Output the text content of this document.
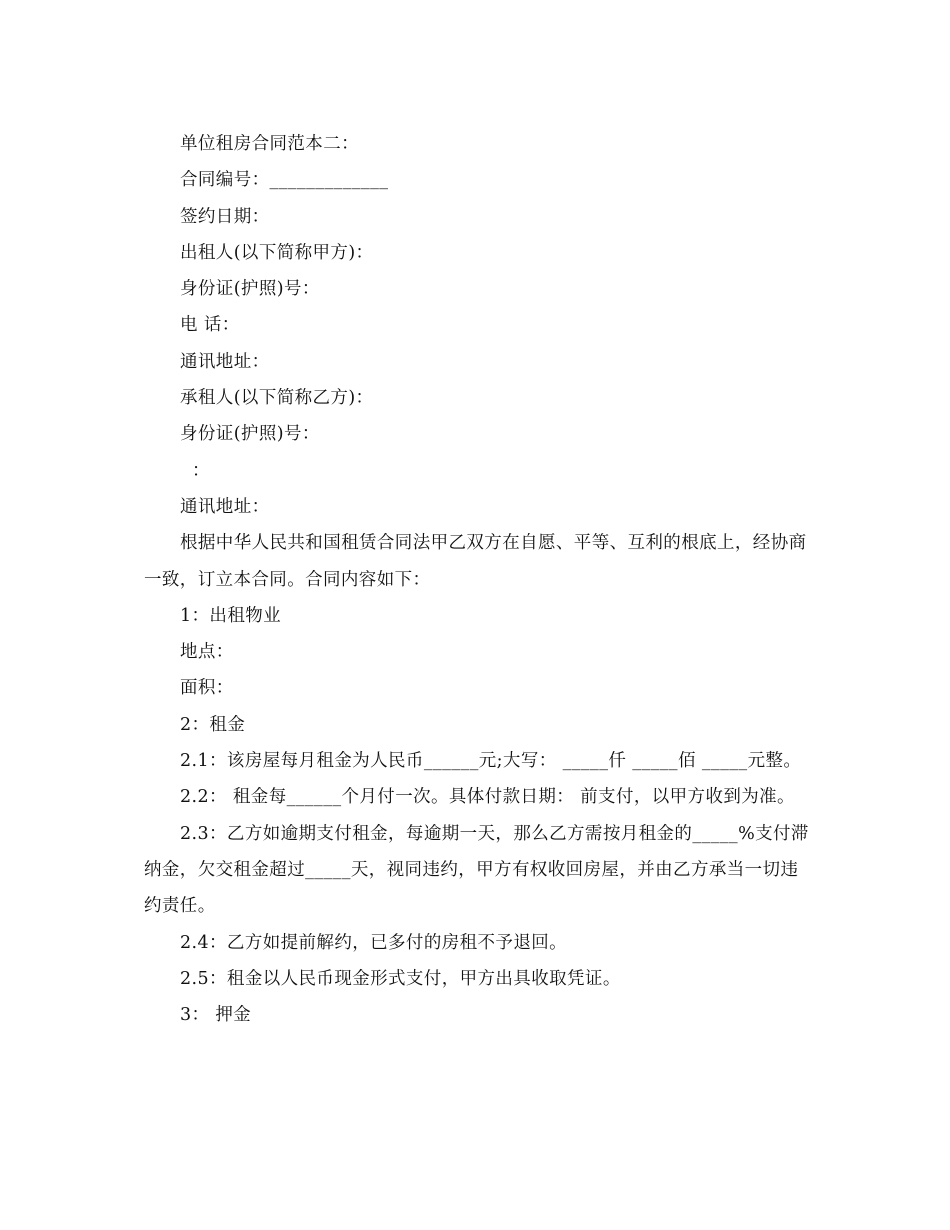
单位租房合同范本二：

合同编号：_____________

签约日期：

出租人(以下简称甲方)：

身份证(护照)号：

电 话：

通讯地址：

承租人(以下简称乙方)：

身份证(护照)号：

：

通讯地址：

根据中华人民共和国租赁合同法甲乙双方在自愿、平等、互利的根底上，经协商一致，订立本合同。合同内容如下：

1：出租物业

地点：

面积：

2：租金

2.1：该房屋每月租金为人民币______元;大写： _____仟 _____佰 _____元整。

2.2： 租金每______个月付一次。具体付款日期： 前支付，以甲方收到为准。

2.3：乙方如逾期支付租金，每逾期一天，那么乙方需按月租金的_____%支付滞纳金，欠交租金超过_____天，视同违约，甲方有权收回房屋，并由乙方承当一切违约责任。

2.4：乙方如提前解约，已多付的房租不予退回。

2.5：租金以人民币现金形式支付，甲方出具收取凭证。

3： 押金
